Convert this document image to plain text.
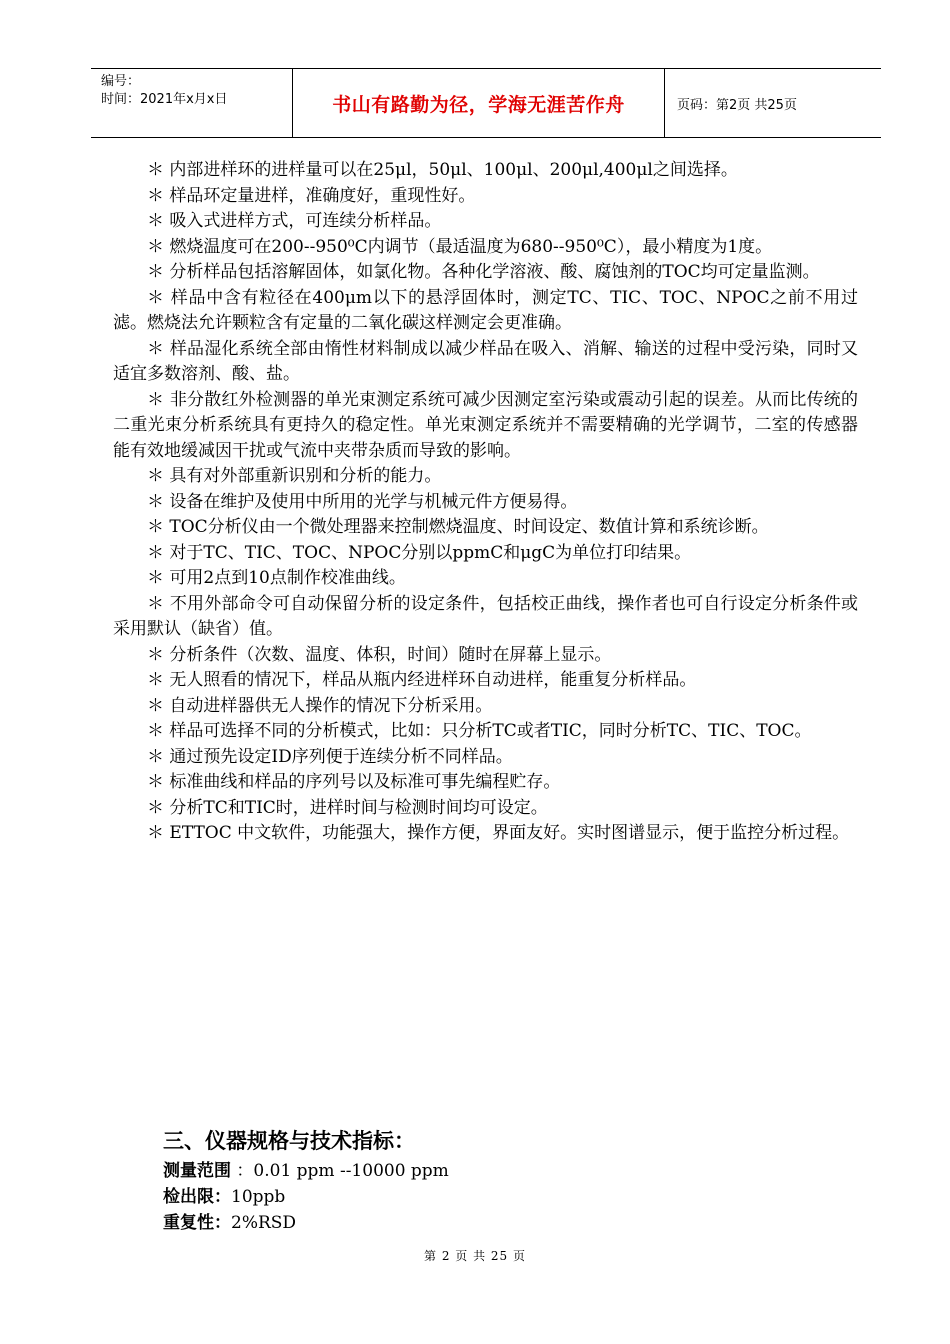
编号：
时间：2021年x月x日	书山有路勤为径，学海无涯苦作舟	页码：第2页 共25页

＊ 内部进样环的进样量可以在25μl，50μl、100μl、200μl,400μl之间选择。

＊ 样品环定量进样，准确度好，重现性好。

＊ 吸入式进样方式，可连续分析样品。

＊ 燃烧温度可在200--950⁰C内调节（最适温度为680--950⁰C），最小精度为1度。

＊ 分析样品包括溶解固体，如氯化物。各种化学溶液、酸、腐蚀剂的TOC均可定量监测。

＊ 样品中含有粒径在400μm以下的悬浮固体时，测定TC、TIC、TOC、NPOC之前不用过滤。燃烧法允许颗粒含有定量的二氧化碳这样测定会更准确。

＊ 样品湿化系统全部由惰性材料制成以减少样品在吸入、消解、输送的过程中受污染，同时又适宜多数溶剂、酸、盐。

＊ 非分散红外检测器的单光束测定系统可减少因测定室污染或震动引起的误差。从而比传统的二重光束分析系统具有更持久的稳定性。单光束测定系统并不需要精确的光学调节，二室的传感器能有效地缓减因干扰或气流中夹带杂质而导致的影响。

＊ 具有对外部重新识别和分析的能力。

＊ 设备在维护及使用中所用的光学与机械元件方便易得。

＊ TOC分析仪由一个微处理器来控制燃烧温度、时间设定、数值计算和系统诊断。

＊ 对于TC、TIC、TOC、NPOC分别以ppmC和μgC为单位打印结果。

＊ 可用2点到10点制作校准曲线。

＊ 不用外部命令可自动保留分析的设定条件，包括校正曲线，操作者也可自行设定分析条件或采用默认（缺省）值。

＊ 分析条件（次数、温度、体积，时间）随时在屏幕上显示。

＊ 无人照看的情况下，样品从瓶内经进样环自动进样，能重复分析样品。

＊ 自动进样器供无人操作的情况下分析采用。

＊ 样品可选择不同的分析模式，比如：只分析TC或者TIC，同时分析TC、TIC、TOC。

＊ 通过预先设定ID序列便于连续分析不同样品。

＊ 标准曲线和样品的序列号以及标准可事先编程贮存。

＊ 分析TC和TIC时，进样时间与检测时间均可设定。

＊ ETTOC 中文软件，功能强大，操作方便，界面友好。实时图谱显示，便于监控分析过程。

三、仪器规格与技术指标：

测量范围 ：0.01 ppm --10000 ppm

检出限：10ppb

重复性：2%RSD

第 2 页 共 25 页
